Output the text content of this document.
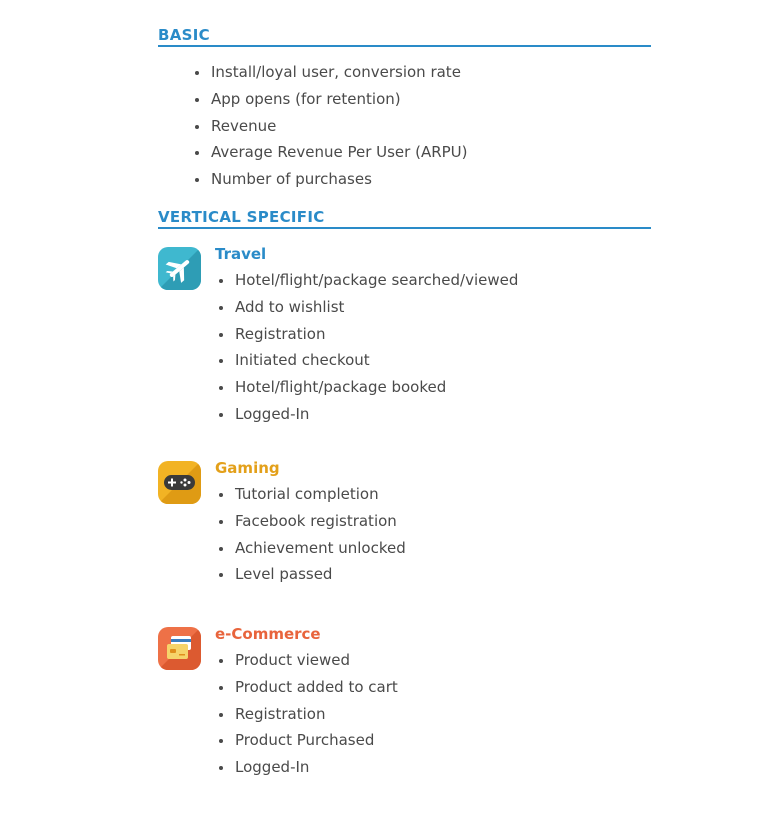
BASIC
Install/loyal user, conversion rate
App opens (for retention)
Revenue
Average Revenue Per User (ARPU)
Number of purchases
VERTICAL SPECIFIC
Travel
Hotel/flight/package searched/viewed
Add to wishlist
Registration
Initiated checkout
Hotel/flight/package booked
Logged-In
Gaming
Tutorial completion
Facebook registration
Achievement unlocked
Level passed
e-Commerce
Product viewed
Product added to cart
Registration
Product Purchased
Logged-In
